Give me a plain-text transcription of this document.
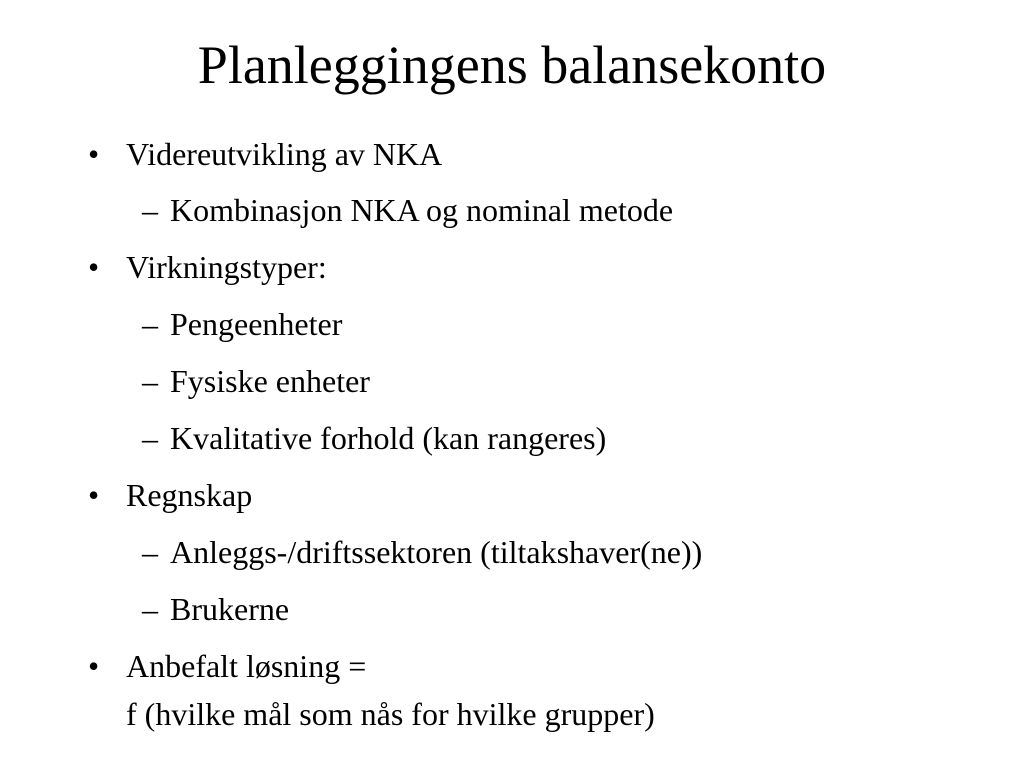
Planleggingens balansekonto
• Videreutvikling av NKA
– Kombinasjon NKA og nominal metode
• Virkningstyper:
– Pengeenheter
– Fysiske enheter
– Kvalitative forhold (kan rangeres)
• Regnskap
– Anleggs-/driftssektoren (tiltakshaver(ne))
– Brukerne
• Anbefalt løsning =
f (hvilke mål som nås for hvilke grupper)
